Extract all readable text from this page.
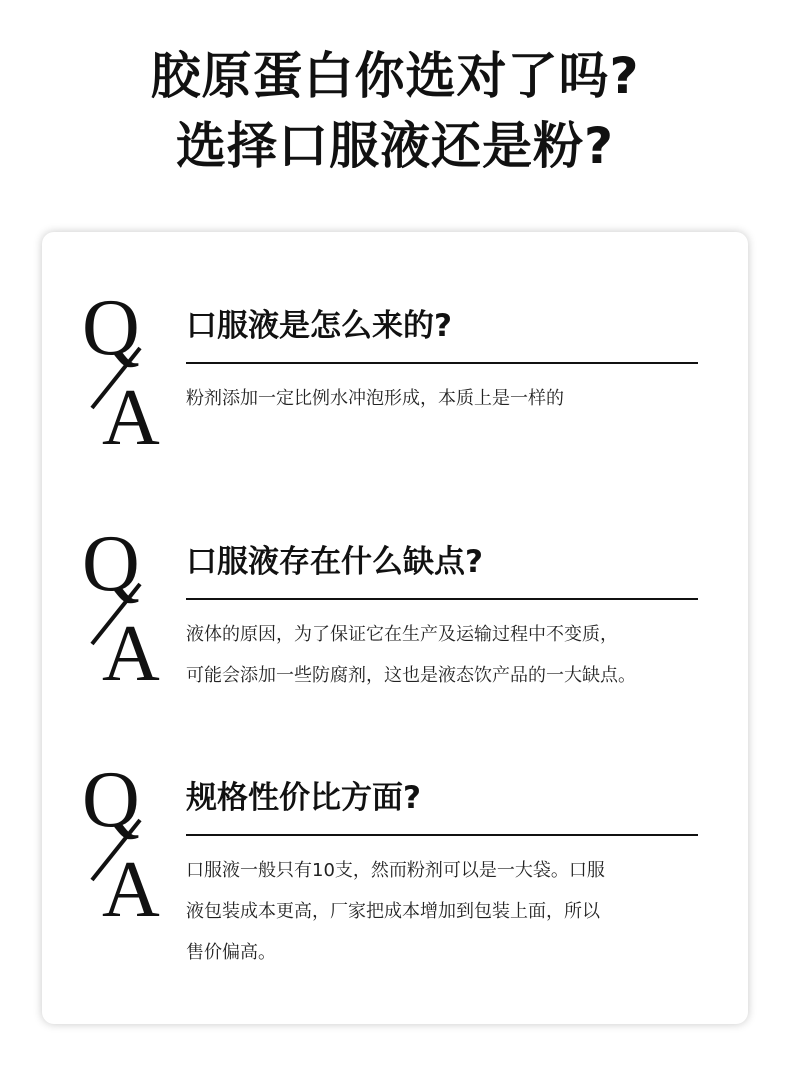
胶原蛋白你选对了吗?
选择口服液还是粉?
Q
A
口服液是怎么来的?
粉剂添加一定比例水冲泡形成，本质上是一样的
Q
A
口服液存在什么缺点?
液体的原因，为了保证它在生产及运输过程中不变质，
可能会添加一些防腐剂，这也是液态饮产品的一大缺点。
Q
A
规格性价比方面?
口服液一般只有10支，然而粉剂可以是一大袋。口服
液包装成本更高，厂家把成本增加到包装上面，所以
售价偏高。
